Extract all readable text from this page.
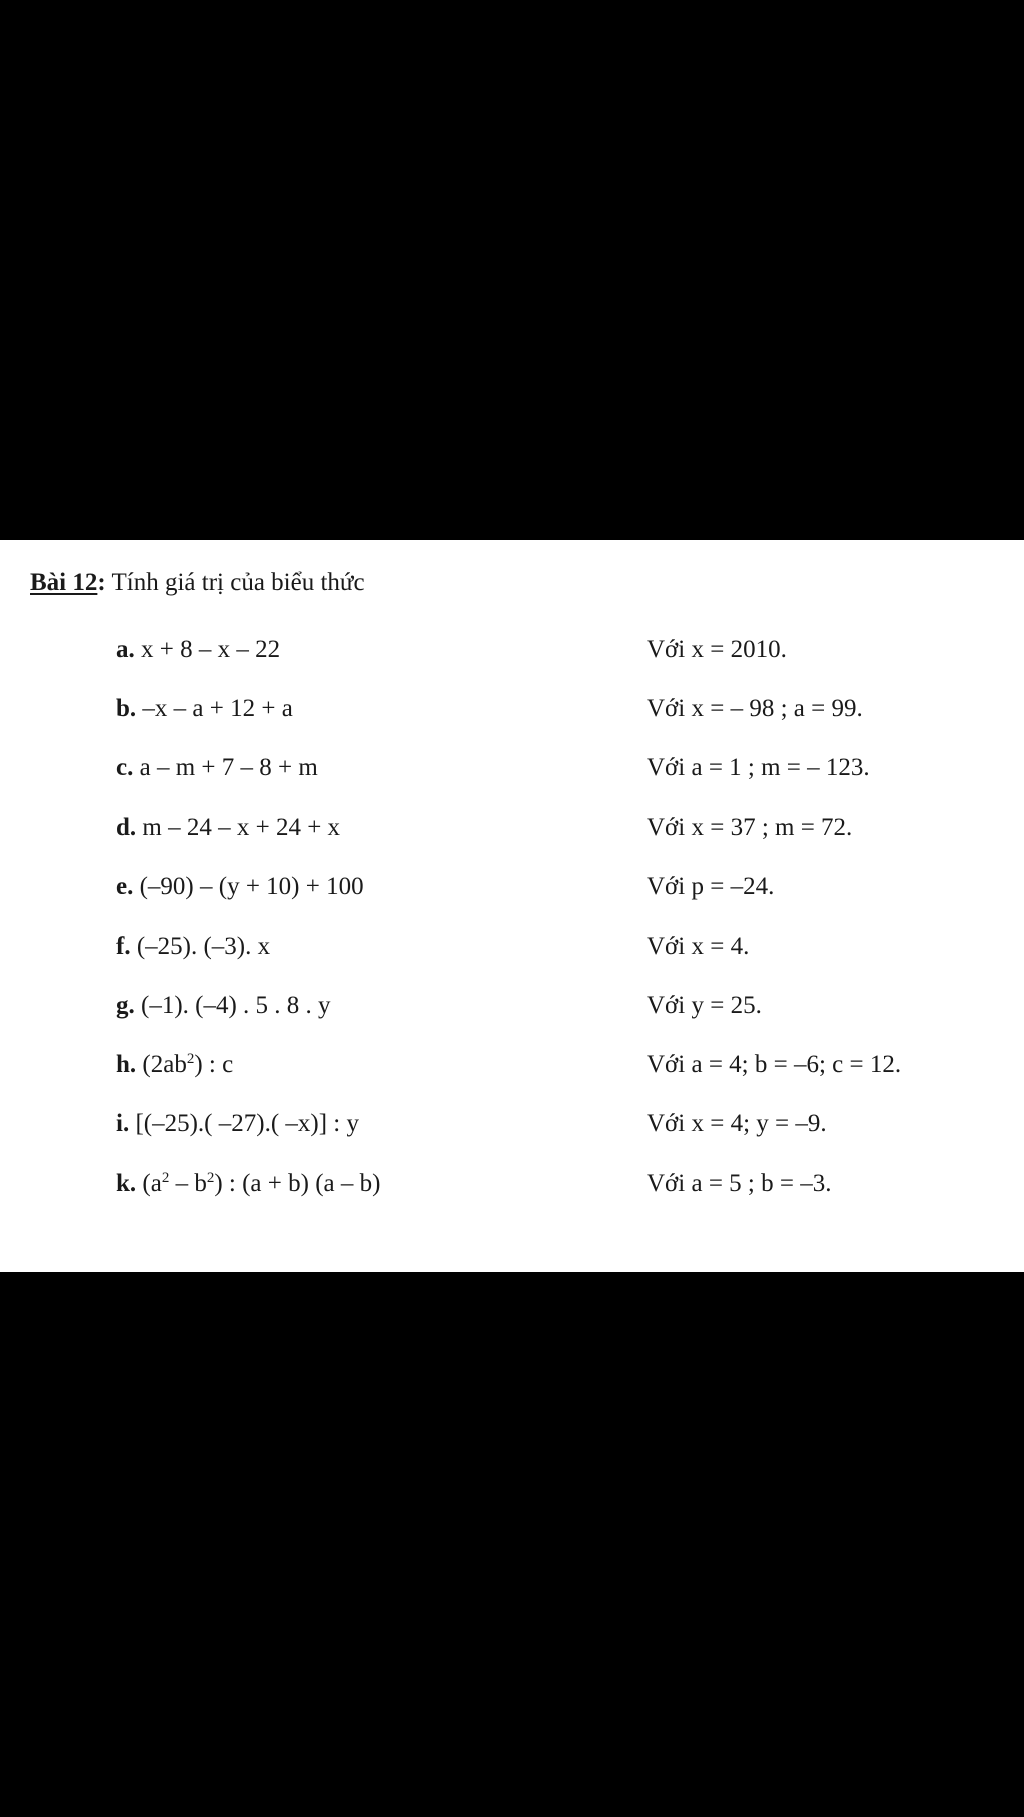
Bài 12: Tính giá trị của biểu thức
a. x + 8 – x – 22	Với x = 2010.
b. –x – a + 12 + a	Với x = – 98 ; a = 99.
c. a – m + 7 – 8 + m	Với a = 1 ; m = – 123.
d. m – 24 – x + 24 + x	Với x = 37 ; m = 72.
e. (–90) – (y + 10) + 100	Với p = –24.
f. (–25). (–3). x	Với x = 4.
g. (–1). (–4) . 5 . 8 . y	Với y = 25.
h. $(2ab^2)$ : c	Với a = 4; b = –6; c = 12.
i. [(–25).( –27).( –x)] : y	Với x = 4; y = –9.
k. $(a^2 - b^2)$ : (a + b) (a – b)	Với a = 5 ; b = –3.
